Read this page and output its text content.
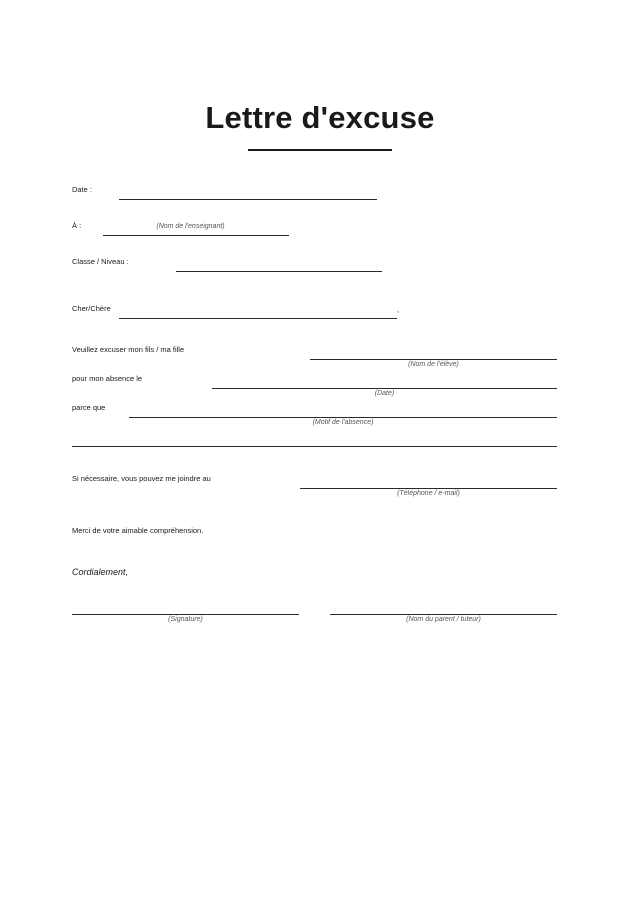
Lettre d'excuse
Date :
À :	(Nom de l'enseignant)
Classe / Niveau :
Cher/Chère	,
Veuillez excuser mon fils / ma fille
(Nom de l'élève)
pour mon absence le
(Date)
parce que
(Motif de l'absence)
Si nécessaire, vous pouvez me joindre au
(Téléphone / e-mail)
Merci de votre aimable compréhension.
Cordialement,
(Signature)	(Nom du parent / tuteur)
